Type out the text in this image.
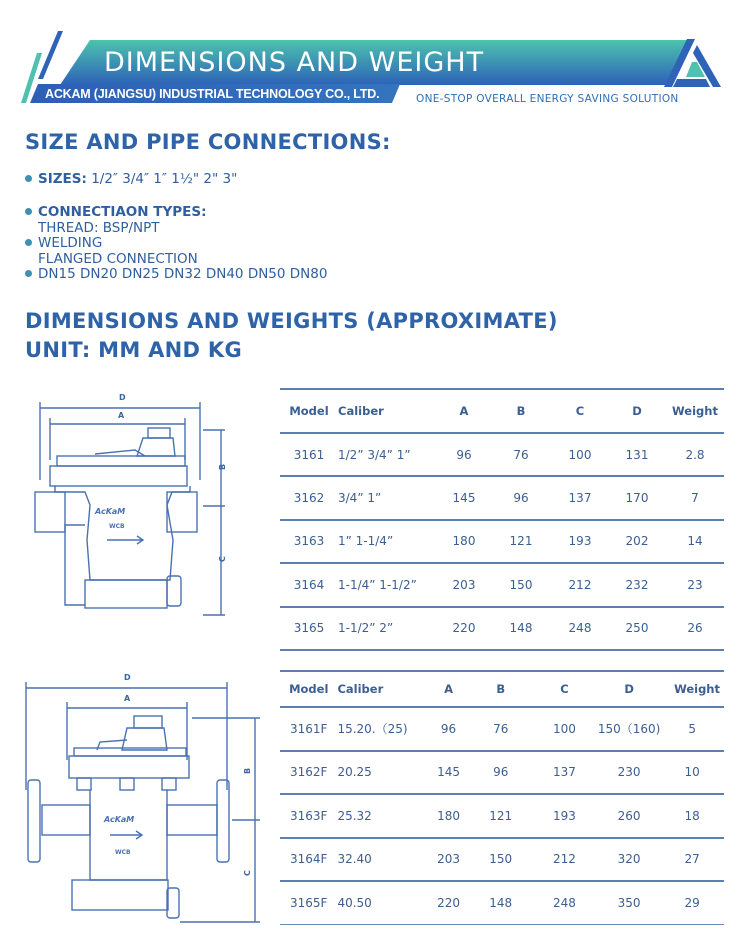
DIMENSIONS AND WEIGHT
ACKAM (JIANGSU) INDUSTRIAL TECHNOLOGY CO., LTD.	ONE-STOP OVERALL ENERGY SAVING SOLUTION
SIZE AND PIPE CONNECTIONS:
SIZES: 1/2″ 3/4″ 1″ 1½" 2" 3"
CONNECTIAON TYPES:
THREAD: BSP/NPT
WELDING
FLANGED CONNECTION
DN15 DN20 DN25 DN32 DN40 DN50 DN80
DIMENSIONS AND WEIGHTS (APPROXIMATE)
UNIT: MM AND KG
D
A
AcKaM
WCB
B
C
Model	Caliber	A	B	C	D	Weight
3161	1/2” 3/4” 1”	96	76	100	131	2.8
3162	3/4” 1”	145	96	137	170	7
3163	1” 1-1/4”	180	121	193	202	14
3164	1-1/4” 1-1/2”	203	150	212	232	23
3165	1-1/2” 2”	220	148	248	250	26
D
A
AcKaM
WCB
B
C
Model	Caliber	A	B	C	D	Weight
3161F	15.20.（25)	96	76	100	150（160)	5
3162F	20.25	145	96	137	230	10
3163F	25.32	180	121	193	260	18
3164F	32.40	203	150	212	320	27
3165F	40.50	220	148	248	350	29
